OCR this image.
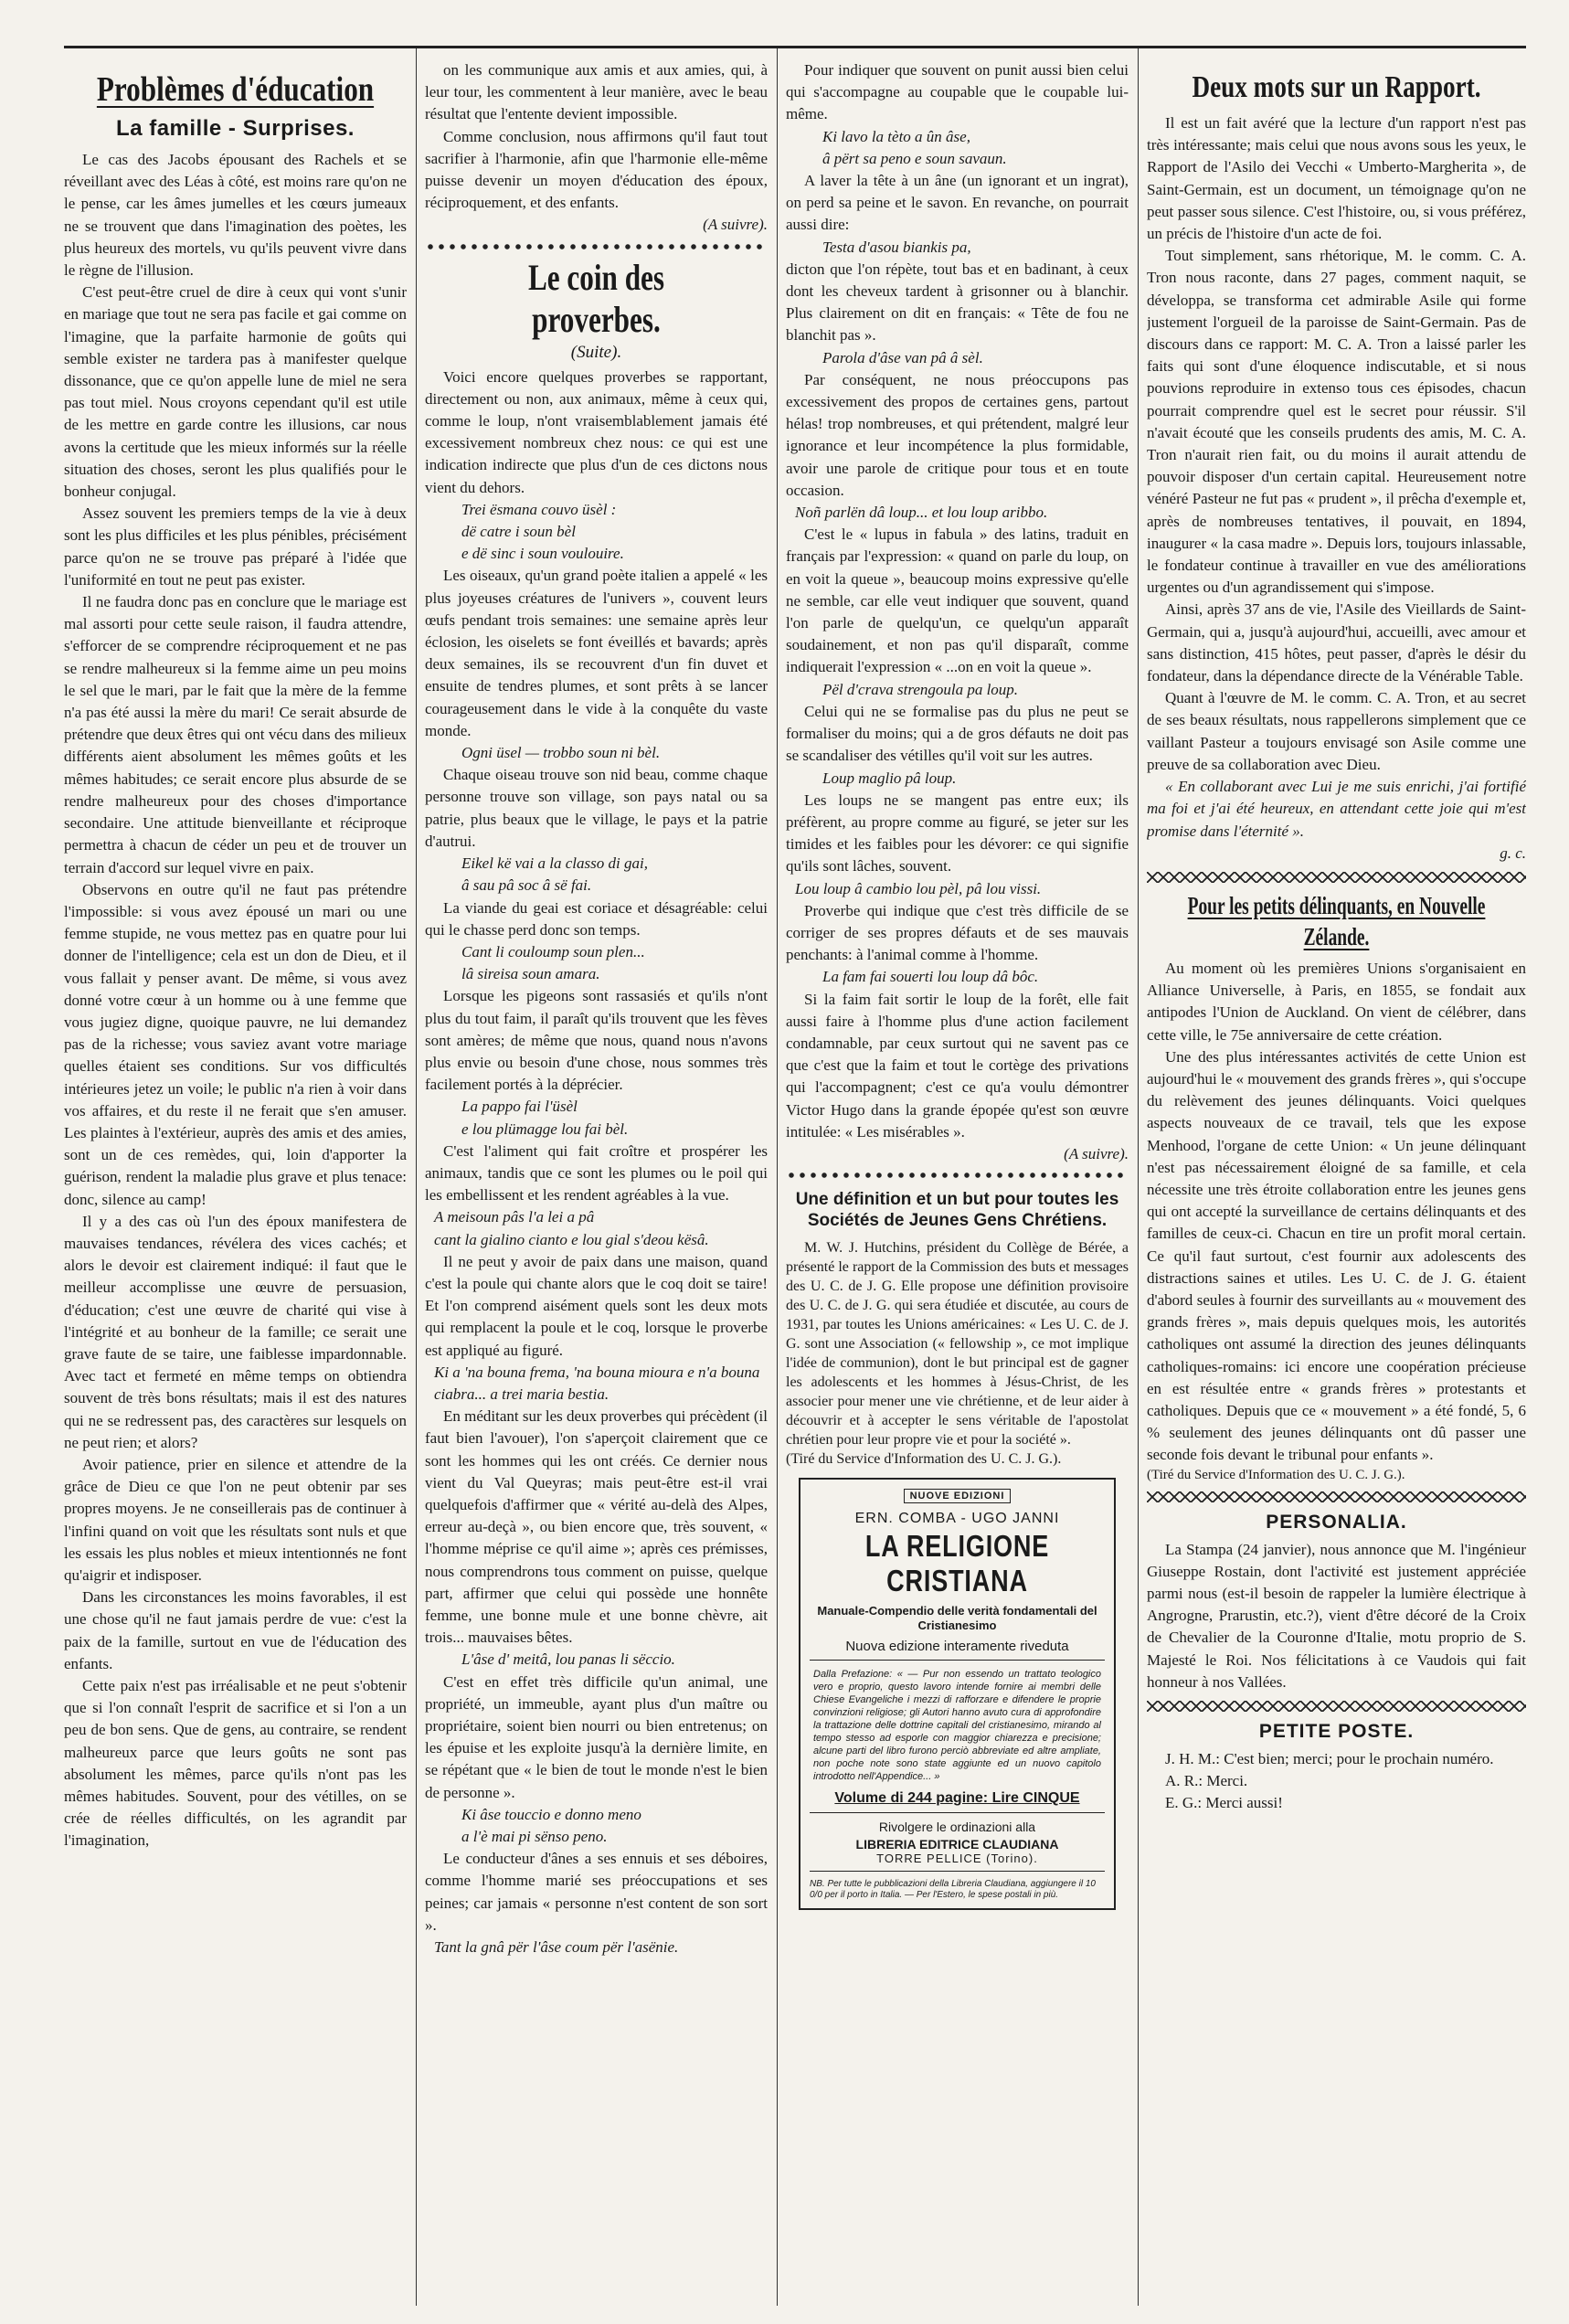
Problèmes d'éducation
La famille - Surprises.

Le cas des Jacobs épousant des Rachels et se réveillant avec des Léas à côté, est moins rare qu'on ne le pense, car les âmes jumelles et les cœurs jumeaux ne se trouvent que dans l'imagination des poètes, les plus heureux des mortels, vu qu'ils peuvent vivre dans le règne de l'illusion.

C'est peut-être cruel de dire à ceux qui vont s'unir en mariage que tout ne sera pas facile et gai comme on l'imagine, que la parfaite harmonie de goûts qui semble exister ne tardera pas à manifester quelque dissonance, que ce qu'on appelle lune de miel ne sera pas tout miel. Nous croyons cependant qu'il est utile de les mettre en garde contre les illusions, car nous avons la certitude que les mieux informés sur la réelle situation des choses, seront les plus qualifiés pour le bonheur conjugal.

Assez souvent les premiers temps de la vie à deux sont les plus difficiles et les plus pénibles, précisément parce qu'on ne se trouve pas préparé à l'idée que l'uniformité en tout ne peut pas exister.

Il ne faudra donc pas en conclure que le mariage est mal assorti pour cette seule raison, il faudra attendre, s'efforcer de se comprendre réciproquement et ne pas se rendre malheureux si la femme aime un peu moins le sel que le mari, par le fait que la mère de la femme n'a pas été aussi la mère du mari! Ce serait absurde de prétendre que deux êtres qui ont vécu dans des milieux différents aient absolument les mêmes goûts et les mêmes habitudes; ce serait encore plus absurde de se rendre malheureux pour des choses d'importance secondaire. Une attitude bienveillante et réciproque permettra à chacun de céder un peu et de trouver un terrain d'accord sur lequel vivre en paix.

Observons en outre qu'il ne faut pas prétendre l'impossible: si vous avez épousé un mari ou une femme stupide, ne vous mettez pas en quatre pour lui donner de l'intelligence; cela est un don de Dieu, et il vous fallait y penser avant. De même, si vous avez donné votre cœur à un homme ou à une femme que vous jugiez digne, quoique pauvre, ne lui demandez pas de la richesse; vous saviez avant votre mariage quelles étaient ses conditions. Sur vos difficultés intérieures jetez un voile; le public n'a rien à voir dans vos affaires, et du reste il ne ferait que s'en amuser. Les plaintes à l'extérieur, auprès des amis et des amies, sont un de ces remèdes, qui, loin d'apporter la guérison, rendent la maladie plus grave et plus tenace: donc, silence au camp!

Il y a des cas où l'un des époux manifestera de mauvaises tendances, révélera des vices cachés; et alors le devoir est clairement indiqué: il faut que le meilleur accomplisse une œuvre de persuasion, d'éducation; c'est une œuvre de charité qui vise à l'intégrité et au bonheur de la famille; ce serait une grave faute de se taire, une faiblesse impardonnable. Avec tact et fermeté en même temps on obtiendra souvent de très bons résultats; mais il est des natures qui ne se redressent pas, des caractères sur lesquels on ne peut rien; et alors?

Avoir patience, prier en silence et attendre de la grâce de Dieu ce que l'on ne peut obtenir par ses propres moyens. Je ne conseillerais pas de continuer à l'infini quand on voit que les résultats sont nuls et que les essais les plus nobles et mieux intentionnés ne font qu'aigrir et indisposer.

Dans les circonstances les moins favorables, il est une chose qu'il ne faut jamais perdre de vue: c'est la paix de la famille, surtout en vue de l'éducation des enfants.

Cette paix n'est pas irréalisable et ne peut s'obtenir que si l'on connaît l'esprit de sacrifice et si l'on a un peu de bon sens. Que de gens, au contraire, se rendent malheureux parce que leurs goûts ne sont pas absolument les mêmes, parce qu'ils n'ont pas les mêmes habitudes. Souvent, pour des vétilles, on se crée de réelles difficultés, on les agrandit par l'imagination,

on les communique aux amis et aux amies, qui, à leur tour, les commentent à leur manière, avec le beau résultat que l'entente devient impossible.

Comme conclusion, nous affirmons qu'il faut tout sacrifier à l'harmonie, afin que l'harmonie elle-même puisse devenir un moyen d'éducation des époux, réciproquement, et des enfants.

(A suivre).

Le coin des proverbes.
(Suite).

Voici encore quelques proverbes se rapportant, directement ou non, aux animaux, même à ceux qui, comme le loup, n'ont vraisemblablement jamais été excessivement nombreux chez nous: ce qui est une indication indirecte que plus d'un de ces dictons nous vient du dehors.

Trei ësmana couvo üsèl :

dë catre i soun bèl

e dë sinc i soun voulouire.

Les oiseaux, qu'un grand poète italien a appelé « les plus joyeuses créatures de l'univers », couvent leurs œufs pendant trois semaines: une semaine après leur éclosion, les oiselets se font éveillés et bavards; après deux semaines, ils se recouvrent d'un fin duvet et ensuite de tendres plumes, et sont prêts à se lancer courageusement dans le vide à la conquête du vaste monde.

Ogni üsel — trobbo soun ni bèl.

Chaque oiseau trouve son nid beau, comme chaque personne trouve son village, son pays natal ou sa patrie, plus beaux que le village, le pays et la patrie d'autrui.

Eikel kë vai a la classo di gai,

â sau pâ soc â së fai.

La viande du geai est coriace et désagréable: celui qui le chasse perd donc son temps.

Cant li couloump soun plen...

lâ sireisa soun amara.

Lorsque les pigeons sont rassasiés et qu'ils n'ont plus du tout faim, il paraît qu'ils trouvent que les fèves sont amères; de même que nous, quand nous n'avons plus envie ou besoin d'une chose, nous sommes très facilement portés à la déprécier.

La pappo fai l'üsèl

e lou plümagge lou fai bèl.

C'est l'aliment qui fait croître et prospérer les animaux, tandis que ce sont les plumes ou le poil qui les embellissent et les rendent agréables à la vue.

A meisoun pâs l'a lei a pâ

cant la gialino cianto e lou gial s'deou kësâ.

Il ne peut y avoir de paix dans une maison, quand c'est la poule qui chante alors que le coq doit se taire! Et l'on comprend aisément quels sont les deux mots qui remplacent la poule et le coq, lorsque le proverbe est appliqué au figuré.

Ki a 'na bouna frema, 'na bouna mioura e n'a bouna ciabra... a trei maria bestia.

En méditant sur les deux proverbes qui précèdent (il faut bien l'avouer), l'on s'aperçoit clairement que ce sont les hommes qui les ont créés. Ce dernier nous vient du Val Queyras; mais peut-être est-il vrai quelquefois d'affirmer que « vérité au-delà des Alpes, erreur au-deçà », ou bien encore que, très souvent, « l'homme méprise ce qu'il aime »; après ces prémisses, nous comprendrons tous comment on puisse, quelque part, affirmer que celui qui possède une honnête femme, une bonne mule et une bonne chèvre, ait trois... mauvaises bêtes.

L'âse d' meitâ, lou panas li sëccio.

C'est en effet très difficile qu'un animal, une propriété, un immeuble, ayant plus d'un maître ou propriétaire, soient bien nourri ou bien entretenus; on les épuise et les exploite jusqu'à la dernière limite, en se répétant que « le bien de tout le monde n'est le bien de personne ».

Ki âse touccio e donno meno

a l'è mai pi sënso peno.

Le conducteur d'ânes a ses ennuis et ses déboires, comme l'homme marié ses préoccupations et ses peines; car jamais « personne n'est content de son sort ».

Tant la gnâ për l'âse coum për l'asënie.

Pour indiquer que souvent on punit aussi bien celui qui s'accompagne au coupable que le coupable lui-même.

Ki lavo la tèto a ûn âse,

â përt sa peno e soun savaun.

A laver la tête à un âne (un ignorant et un ingrat), on perd sa peine et le savon. En revanche, on pourrait aussi dire:

Testa d'asou biankis pa,

dicton que l'on répète, tout bas et en badinant, à ceux dont les cheveux tardent à grisonner ou à blanchir. Plus clairement on dit en français: « Tête de fou ne blanchit pas ».

Parola d'âse van pâ â sèl.

Par conséquent, ne nous préoccupons pas excessivement des propos de certaines gens, partout hélas! trop nombreuses, et qui prétendent, malgré leur ignorance et leur incompétence la plus formidable, avoir une parole de critique pour tous et en toute occasion.

Noñ parlën dâ loup... et lou loup aribbo.

C'est le « lupus in fabula » des latins, traduit en français par l'expression: « quand on parle du loup, on en voit la queue », beaucoup moins expressive qu'elle ne semble, car elle veut indiquer que souvent, quand l'on parle de quelqu'un, ce quelqu'un apparaît soudainement, et non pas qu'il disparaît, comme indiquerait l'expression « ...on en voit la queue ».

Pël d'crava strengoula pa loup.

Celui qui ne se formalise pas du plus ne peut se formaliser du moins; qui a de gros défauts ne doit pas se scandaliser des vétilles qu'il voit sur les autres.

Loup maglio pâ loup.

Les loups ne se mangent pas entre eux; ils préfèrent, au propre comme au figuré, se jeter sur les timides et les faibles pour les dévorer: ce qui signifie qu'ils sont lâches, souvent.

Lou loup â cambio lou pèl, pâ lou vissi.

Proverbe qui indique que c'est très difficile de se corriger de ses propres défauts et de ses mauvais penchants: à l'animal comme à l'homme.

La fam fai souerti lou loup dâ bôc.

Si la faim fait sortir le loup de la forêt, elle fait aussi faire à l'homme plus d'une action facilement condamnable, par ceux surtout qui ne savent pas ce que c'est que la faim et tout le cortège des privations qui l'accompagnent; c'est ce qu'a voulu démontrer Victor Hugo dans la grande épopée qu'est son œuvre intitulée: « Les misérables ».

(A suivre).

Une définition et un but pour toutes les Sociétés de Jeunes Gens Chrétiens.

M. W. J. Hutchins, président du Collège de Bérée, a présenté le rapport de la Commission des buts et messages des U. C. de J. G. Elle propose une définition provisoire des U. C. de J. G. qui sera étudiée et discutée, au cours de 1931, par toutes les Unions américaines: « Les U. C. de J. G. sont une Association (« fellowship », ce mot implique l'idée de communion), dont le but principal est de gagner les adolescents et les hommes à Jésus-Christ, de les associer pour mener une vie chrétienne, et de leur aider à découvrir et à accepter le sens véritable de l'apostolat chrétien pour leur propre vie et pour la société ».

(Tiré du Service d'Information des U. C. J. G.).

NUOVE EDIZIONI
ERN. COMBA - UGO JANNI
LA RELIGIONE CRISTIANA
Manuale-Compendio delle verità fondamentali del Cristianesimo
Nuova edizione interamente riveduta
Dalla Prefazione: « — Pur non essendo un trattato teologico vero e proprio, questo lavoro intende fornire ai membri delle Chiese Evangeliche i mezzi di rafforzare e difendere le proprie convinzioni religiose; gli Autori hanno avuto cura di approfondire la trattazione delle dottrine capitali del cristianesimo, mirando al tempo stesso ad esporle con maggior chiarezza e precisione; alcune parti del libro furono perciò abbreviate ed altre ampliate, non poche note sono state aggiunte ed un nuovo capitolo introdotto nell'Appendice... »
Volume di 244 pagine: Lire CINQUE
Rivolgere le ordinazioni alla
LIBRERIA EDITRICE CLAUDIANA
TORRE PELLICE (Torino).
NB. Per tutte le pubblicazioni della Libreria Claudiana, aggiungere il 10 0/0 per il porto in Italia. — Per l'Estero, le spese postali in più.
Deux mots sur un Rapport.

Il est un fait avéré que la lecture d'un rapport n'est pas très intéressante; mais celui que nous avons sous les yeux, le Rapport de l'Asilo dei Vecchi « Umberto-Margherita », de Saint-Germain, est un document, un témoignage qu'on ne peut passer sous silence. C'est l'histoire, ou, si vous préférez, un précis de l'histoire d'un acte de foi.

Tout simplement, sans rhétorique, M. le comm. C. A. Tron nous raconte, dans 27 pages, comment naquit, se développa, se transforma cet admirable Asile qui forme justement l'orgueil de la paroisse de Saint-Germain. Pas de discours dans ce rapport: M. C. A. Tron a laissé parler les faits qui sont d'une éloquence indiscutable, et si nous pouvions reproduire in extenso tous ces épisodes, chacun pourrait comprendre quel est le secret pour réussir. S'il n'avait écouté que les conseils prudents des amis, M. C. A. Tron n'aurait rien fait, ou du moins il aurait attendu de pouvoir disposer d'un certain capital. Heureusement notre vénéré Pasteur ne fut pas « prudent », il prêcha d'exemple et, après de nombreuses tentatives, il pouvait, en 1894, inaugurer « la casa madre ». Depuis lors, toujours inlassable, le fondateur continue à travailler en vue des améliorations urgentes ou d'un agrandissement qui s'impose.

Ainsi, après 37 ans de vie, l'Asile des Vieillards de Saint-Germain, qui a, jusqu'à aujourd'hui, accueilli, avec amour et sans distinction, 415 hôtes, peut passer, d'après le désir du fondateur, dans la dépendance directe de la Vénérable Table.

Quant à l'œuvre de M. le comm. C. A. Tron, et au secret de ses beaux résultats, nous rappellerons simplement que ce vaillant Pasteur a toujours envisagé son Asile comme une preuve de sa collaboration avec Dieu.

« En collaborant avec Lui je me suis enrichi, j'ai fortifié ma foi et j'ai été heureux, en attendant cette joie qui m'est promise dans l'éternité ».

g. c.

Pour les petits délinquants, en Nouvelle Zélande.

Au moment où les premières Unions s'organisaient en Alliance Universelle, à Paris, en 1855, se fondait aux antipodes l'Union de Auckland. On vient de célébrer, dans cette ville, le 75e anniversaire de cette création.

Une des plus intéressantes activités de cette Union est aujourd'hui le « mouvement des grands frères », qui s'occupe du relèvement des jeunes délinquants. Voici quelques aspects nouveaux de ce travail, tels que les expose Menhood, l'organe de cette Union: « Un jeune délinquant n'est pas nécessairement éloigné de sa famille, et cela nécessite une très étroite collaboration entre les jeunes gens qui ont accepté la surveillance de certains délinquants et des familles de ceux-ci. Chacun en tire un profit moral certain. Ce qu'il faut surtout, c'est fournir aux adolescents des distractions saines et utiles. Les U. C. de J. G. étaient d'abord seules à fournir des surveillants au « mouvement des grands frères », mais depuis quelques mois, les autorités catholiques ont assumé la direction des jeunes délinquants catholiques-romains: ici encore une coopération précieuse en est résultée entre « grands frères » protestants et catholiques. Depuis que ce « mouvement » a été fondé, 5, 6 % seulement des jeunes délinquants ont dû passer une seconde fois devant le tribunal pour enfants ».

(Tiré du Service d'Information des U. C. J. G.).

PERSONALIA.

La Stampa (24 janvier), nous annonce que M. l'ingénieur Giuseppe Rostain, dont l'activité est justement appréciée parmi nous (est-il besoin de rappeler la lumière électrique à Angrogne, Prarustin, etc.?), vient d'être décoré de la Croix de Chevalier de la Couronne d'Italie, motu proprio de S. Majesté le Roi. Nos félicitations à ce Vaudois qui fait honneur à nos Vallées.

PETITE POSTE.

J. H. M.: C'est bien; merci; pour le prochain numéro.

A. R.: Merci.

E. G.: Merci aussi!
